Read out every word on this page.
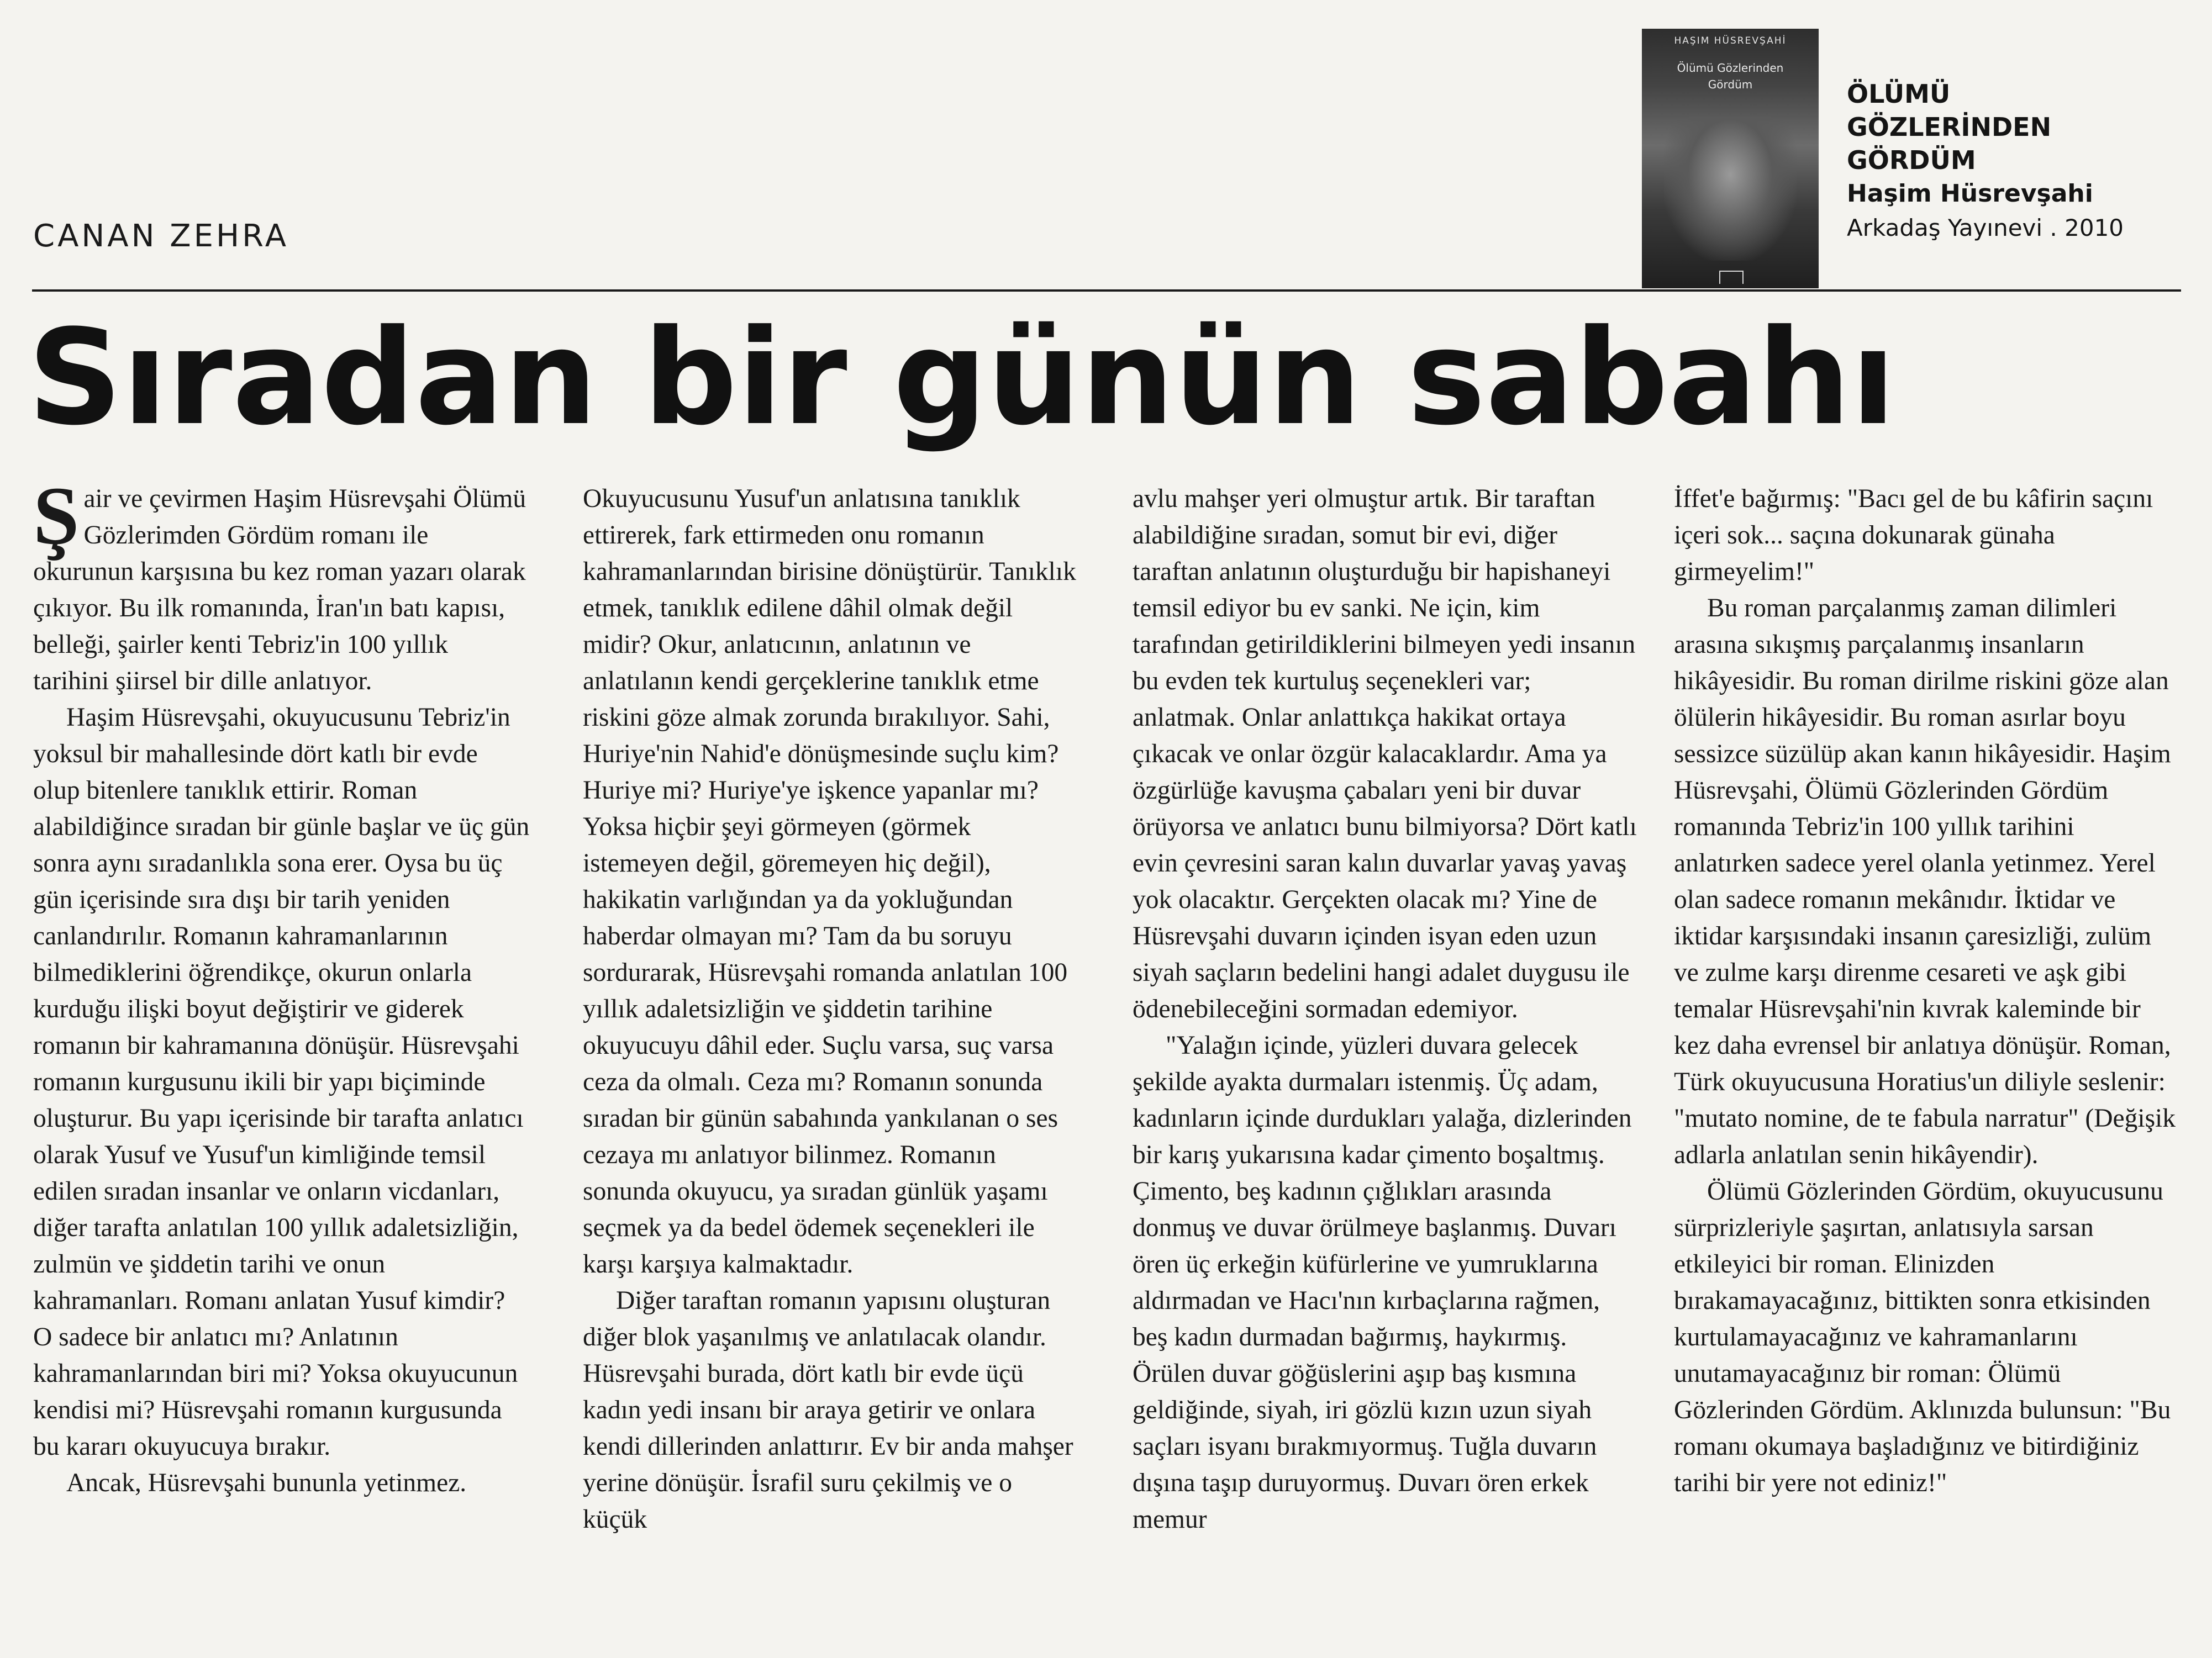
CANAN ZEHRA
HAŞIM HÜSREVŞAHİ
Ölümü Gözlerinden
Gördüm	ÖLÜMÜ GÖZLERİNDEN GÖRDÜM

Haşim Hüsrevşahi

Arkadaş Yayınevi . 2010

Sıradan bir günün sabahı

Şair ve çevirmen Haşim Hüsrevşahi Ölümü Gözlerimden Gördüm romanı ile okurunun karşısına bu kez roman yazarı olarak çıkıyor. Bu ilk romanında, İran'ın batı kapısı, belleği, şairler kenti Tebriz'in 100 yıllık tarihini şiirsel bir dille anlatıyor.

Haşim Hüsrevşahi, okuyucusunu Tebriz'in yoksul bir mahallesinde dört katlı bir evde olup bitenlere tanıklık ettirir. Roman alabildiğince sıradan bir günle başlar ve üç gün sonra aynı sıradanlıkla sona erer. Oysa bu üç gün içerisinde sıra dışı bir tarih yeniden canlandırılır. Romanın kahramanlarının bilmediklerini öğrendikçe, okurun onlarla kurduğu ilişki boyut değiştirir ve giderek romanın bir kahramanına dönüşür. Hüsrevşahi romanın kurgusunu ikili bir yapı biçiminde oluşturur. Bu yapı içerisinde bir tarafta anlatıcı olarak Yusuf ve Yusuf'un kimliğinde temsil edilen sıradan insanlar ve onların vicdanları, diğer tarafta anlatılan 100 yıllık adaletsizliğin, zulmün ve şiddetin tarihi ve onun kahramanları. Romanı anlatan Yusuf kimdir? O sadece bir anlatıcı mı? Anlatının kahramanlarından biri mi? Yoksa okuyucunun kendisi mi? Hüsrevşahi romanın kurgusunda bu kararı okuyucuya bırakır.

Ancak, Hüsrevşahi bununla yetinmez.

Okuyucusunu Yusuf'un anlatısına tanıklık ettirerek, fark ettirmeden onu romanın kahramanlarından birisine dönüştürür. Tanıklık etmek, tanıklık edilene dâhil olmak değil midir? Okur, anlatıcının, anlatının ve anlatılanın kendi gerçeklerine tanıklık etme riskini göze almak zorunda bırakılıyor. Sahi, Huriye'nin Nahid'e dönüşmesinde suçlu kim? Huriye mi? Huriye'ye işkence yapanlar mı? Yoksa hiçbir şeyi görmeyen (görmek istemeyen değil, göremeyen hiç değil), hakikatin varlığından ya da yokluğundan haberdar olmayan mı? Tam da bu soruyu sordurarak, Hüsrevşahi romanda anlatılan 100 yıllık adaletsizliğin ve şiddetin tarihine okuyucuyu dâhil eder. Suçlu varsa, suç varsa ceza da olmalı. Ceza mı? Romanın sonunda sıradan bir günün sabahında yankılanan o ses cezaya mı anlatıyor bilinmez. Romanın sonunda okuyucu, ya sıradan günlük yaşamı seçmek ya da bedel ödemek seçenekleri ile karşı karşıya kalmaktadır.

Diğer taraftan romanın yapısını oluşturan diğer blok yaşanılmış ve anlatılacak olandır. Hüsrevşahi burada, dört katlı bir evde üçü kadın yedi insanı bir araya getirir ve onlara kendi dillerinden anlattırır. Ev bir anda mahşer yerine dönüşür. İsrafil suru çekilmiş ve o küçük

avlu mahşer yeri olmuştur artık. Bir taraftan alabildiğine sıradan, somut bir evi, diğer taraftan anlatının oluşturduğu bir hapishaneyi temsil ediyor bu ev sanki. Ne için, kim tarafından getirildiklerini bilmeyen yedi insanın bu evden tek kurtuluş seçenekleri var; anlatmak. Onlar anlattıkça hakikat ortaya çıkacak ve onlar özgür kalacaklardır. Ama ya özgürlüğe kavuşma çabaları yeni bir duvar örüyorsa ve anlatıcı bunu bilmiyorsa? Dört katlı evin çevresini saran kalın duvarlar yavaş yavaş yok olacaktır. Gerçekten olacak mı? Yine de Hüsrevşahi duvarın içinden isyan eden uzun siyah saçların bedelini hangi adalet duygusu ile ödenebileceğini sormadan edemiyor.

"Yalağın içinde, yüzleri duvara gelecek şekilde ayakta durmaları istenmiş. Üç adam, kadınların içinde durdukları yalağa, dizlerinden bir karış yukarısına kadar çimento boşaltmış. Çimento, beş kadının çığlıkları arasında donmuş ve duvar örülmeye başlanmış. Duvarı ören üç erkeğin küfürlerine ve yumruklarına aldırmadan ve Hacı'nın kırbaçlarına rağmen, beş kadın durmadan bağırmış, haykırmış. Örülen duvar göğüslerini aşıp baş kısmına geldiğinde, siyah, iri gözlü kızın uzun siyah saçları isyanı bırakmıyormuş. Tuğla duvarın dışına taşıp duruyormuş. Duvarı ören erkek memur

İffet'e bağırmış: "Bacı gel de bu kâfirin saçını içeri sok... saçına dokunarak günaha girmeyelim!"

Bu roman parçalanmış zaman dilimleri arasına sıkışmış parçalanmış insanların hikâyesidir. Bu roman dirilme riskini göze alan ölülerin hikâyesidir. Bu roman asırlar boyu sessizce süzülüp akan kanın hikâyesidir. Haşim Hüsrevşahi, Ölümü Gözlerinden Gördüm romanında Tebriz'in 100 yıllık tarihini anlatırken sadece yerel olanla yetinmez. Yerel olan sadece romanın mekânıdır. İktidar ve iktidar karşısındaki insanın çaresizliği, zulüm ve zulme karşı direnme cesareti ve aşk gibi temalar Hüsrevşahi'nin kıvrak kaleminde bir kez daha evrensel bir anlatıya dönüşür. Roman, Türk okuyucusuna Horatius'un diliyle seslenir: "mutato nomine, de te fabula narratur" (Değişik adlarla anlatılan senin hikâyendir).

Ölümü Gözlerinden Gördüm, okuyucusunu sürprizleriyle şaşırtan, anlatısıyla sarsan etkileyici bir roman. Elinizden bırakamayacağınız, bittikten sonra etkisinden kurtulamayacağınız ve kahramanlarını unutamayacağınız bir roman: Ölümü Gözlerinden Gördüm. Aklınızda bulunsun: "Bu romanı okumaya başladığınız ve bitirdiğiniz tarihi bir yere not ediniz!"
